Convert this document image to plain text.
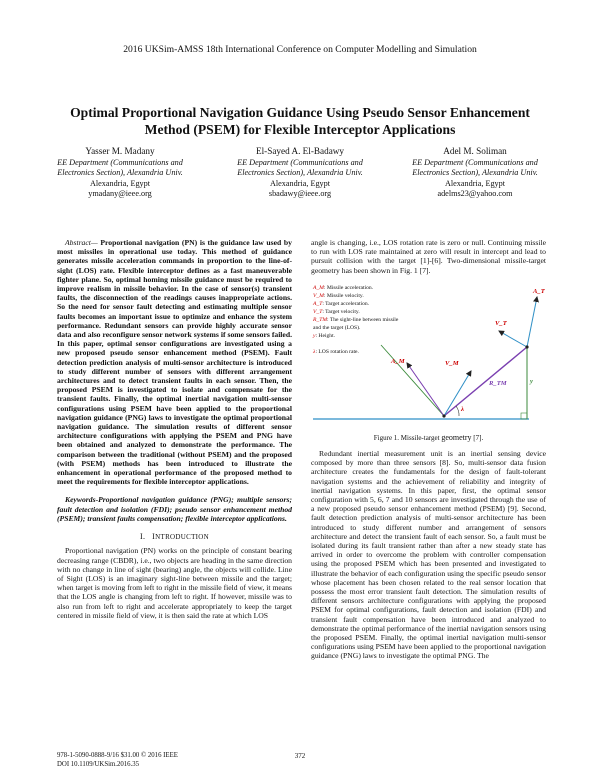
2016 UKSim-AMSS 18th International Conference on Computer Modelling and Simulation
Optimal Proportional Navigation Guidance Using Pseudo Sensor Enhancement Method (PSEM) for Flexible Interceptor Applications
Yasser M. Madany
EE Department (Communications and Electronics Section), Alexandria Univ.
Alexandria, Egypt
ymadany@ieee.org
El-Sayed A. El-Badawy
EE Department (Communications and Electronics Section), Alexandria Univ.
Alexandria, Egypt
sbadawy@ieee.org
Adel M. Soliman
EE Department (Communications and Electronics Section), Alexandria Univ.
Alexandria, Egypt
adelms23@yahoo.com

Abstract— Proportional navigation (PN) is the guidance law used by most missiles in operational use today. This method of guidance generates missile acceleration commands in proportion to the line-of-sight (LOS) rate. Flexible interceptor defines as a fast maneuverable fighter plane. So, optimal homing missile guidance must be required to improve realism in missile behavior. In the case of sensor(s) transient faults, the disconnection of the readings causes inappropriate actions. So the need for sensor fault detecting and estimating multiple sensor faults becomes an important issue to optimize and enhance the system performance. Redundant sensors can provide highly accurate sensor data and also reconfigure sensor network systems if some sensors failed. In this paper, optimal sensor configurations are investigated using a new proposed pseudo sensor enhancement method (PSEM). Fault detection prediction analysis of multi-sensor architecture is introduced to study different number of sensors with different arrangement architectures and to detect transient faults in each sensor. Then, the proposed PSEM is investigated to isolate and compensate for the transient faults. Finally, the optimal inertial navigation multi-sensor configurations using PSEM have been applied to the proportional navigation guidance (PNG) laws to investigate the optimal proportional navigation guidance. The simulation results of different sensor architecture configurations with applying the PSEM and PNG have been obtained and analyzed to demonstrate the performance. The comparison between the traditional (without PSEM) and the proposed (with PSEM) methods has been introduced to illustrate the enhancement in operational performance of the proposed method to meet the requirements for flexible interceptor applications.

Keywords-Proportional navigation guidance (PNG); multiple sensors; fault detection and isolation (FDI); pseudo sensor enhancement method (PSEM); transient faults compensation; flexible interceptor applications.

I. INTRODUCTION

Proportional navigation (PN) works on the principle of constant bearing decreasing range (CBDR), i.e., two objects are heading in the same direction with no change in line of sight (bearing) angle, the objects will collide. Line of Sight (LOS) is an imaginary sight-line between missile and the target; when target is moving from left to right in the missile field of view, it means that the LOS angle is changing from left to right. If however, missile was to also run from left to right and accelerate appropriately to keep the target centered in missile field of view, it is then said the rate at which LOS

angle is changing, i.e., LOS rotation rate is zero or null. Continuing missile to run with LOS rate maintained at zero will result in intercept and lead to pursuit collision with the target [1]-[6]. Two-dimensional missile-target geometry has been shown in Fig. 1 [7].

A_M: Missile acceleration.
V_M: Missile velocity.
A_T: Target acceleration.
V_T: Target velocity.
R_TM: The sight-line between missile
and the target (LOS).
y: Height.
λ: LOS rotation rate.
A_T
V_T
A_M	V_M
R_TM	y
λ
Figure 1. Missile-target geometry [7].

Redundant inertial measurement unit is an inertial sensing device composed by more than three sensors [8]. So, multi-sensor data fusion architecture creates the fundamentals for the design of fault-tolerant navigation systems and the achievement of reliability and integrity of inertial navigation systems. In this paper, first, the optimal sensor configuration with 5, 6, 7 and 10 sensors are investigated through the use of a new proposed pseudo sensor enhancement method (PSEM) [9]. Second, fault detection prediction analysis of multi-sensor architecture has been introduced to study different number and arrangement of sensors architecture and detect the transient fault of each sensor. So, a fault must be isolated during its fault transient rather than after a new steady state has arrived in order to overcome the problem with controller compensation using the proposed PSEM which has been presented and investigated to illustrate the behavior of each configuration using the specific pseudo sensor whose placement has been chosen related to the real sensor location that possess the most error transient fault detection. The simulation results of different sensors architecture configurations with applying the proposed PSEM for optimal configurations, fault detection and isolation (FDI) and transient fault compensation have been introduced and analyzed to demonstrate the optimal performance of the inertial navigation sensors using the proposed PSEM. Finally, the optimal inertial navigation multi-sensor configurations using PSEM have been applied to the proportional navigation guidance (PNG) laws to investigate the optimal PNG. The

978-1-5090-0888-9/16 $31.00 © 2016 IEEE
DOI 10.1109/UKSim.2016.35
372
